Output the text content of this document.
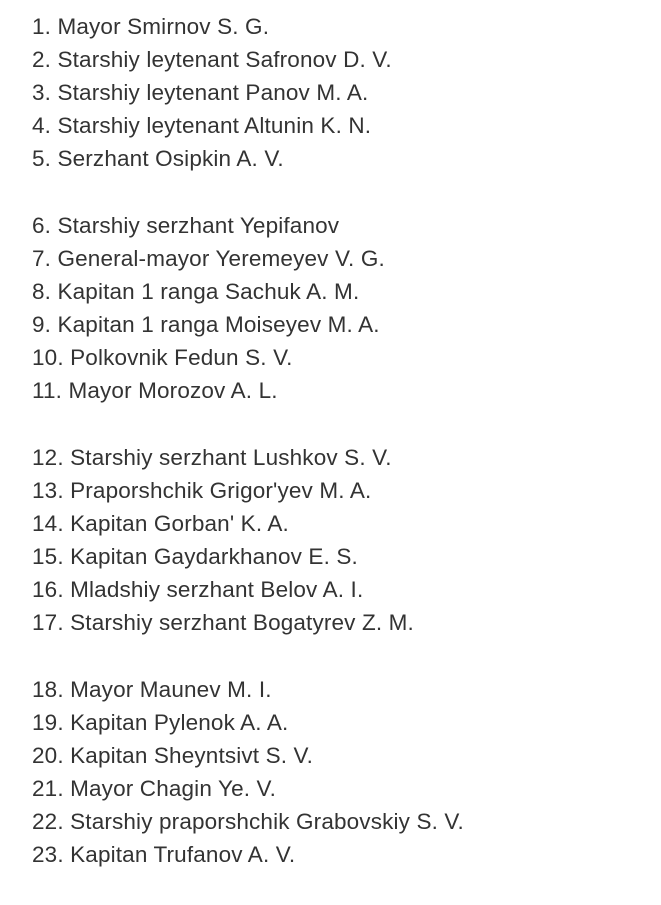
1. Mayor Smirnov S. G.
2. Starshiy leytenant Safronov D. V.
3. Starshiy leytenant Panov M. A.
4. Starshiy leytenant Altunin K. N.
5. Serzhant Osipkin A. V.
6. Starshiy serzhant Yepifanov
7. General-mayor Yeremeyev V. G.
8. Kapitan 1 ranga Sachuk A. M.
9. Kapitan 1 ranga Moiseyev M. A.
10. Polkovnik Fedun S. V.
11. Mayor Morozov A. L.
12. Starshiy serzhant Lushkov S. V.
13. Praporshchik Grigor'yev M. A.
14. Kapitan Gorban' K. A.
15. Kapitan Gaydarkhanov E. S.
16. Mladshiy serzhant Belov A. I.
17. Starshiy serzhant Bogatyrev Z. M.
18. Mayor Maunev M. I.
19. Kapitan Pylenok A. A.
20. Kapitan Sheyntsivt S. V.
21. Mayor Chagin Ye. V.
22. Starshiy praporshchik Grabovskiy S. V.
23. Kapitan Trufanov A. V.
